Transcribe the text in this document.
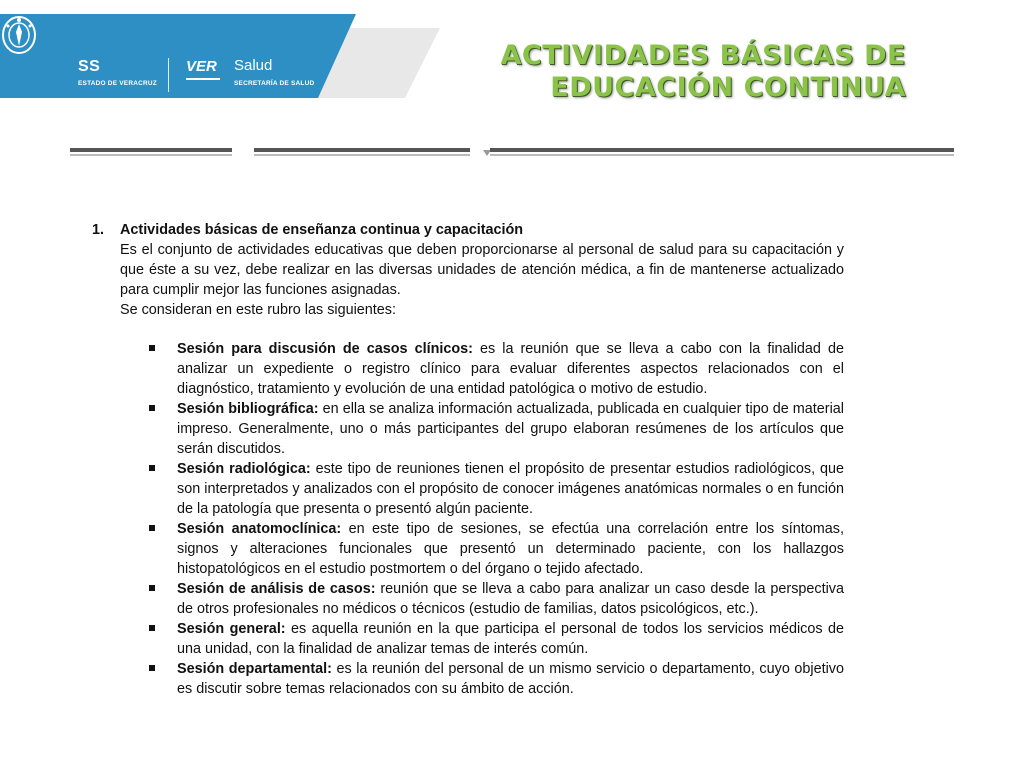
SS
ESTADO DE VERACRUZ
VER Salud
SECRETARÍA DE SALUD
ACTIVIDADES BÁSICAS DE
EDUCACIÓN CONTINUA
1.	Actividades básicas de enseñanza continua y capacitación

Es el conjunto de actividades educativas que deben proporcionarse al personal de salud para su capacitación y que éste a su vez, debe realizar en las diversas unidades de atención médica, a fin de mantenerse actualizado para cumplir mejor las funciones asignadas.

Se consideran en este rubro las siguientes:

Sesión para discusión de casos clínicos: es la reunión que se lleva a cabo con la finalidad de analizar un expediente o registro clínico para evaluar diferentes aspectos relacionados con el diagnóstico, tratamiento y evolución de una entidad patológica o motivo de estudio.
Sesión bibliográfica: en ella se analiza información actualizada, publicada en cualquier tipo de material impreso. Generalmente, uno o más participantes del grupo elaboran resúmenes de los artículos que serán discutidos.
Sesión radiológica: este tipo de reuniones tienen el propósito de presentar estudios radiológicos, que son interpretados y analizados con el propósito de conocer imágenes anatómicas normales o en función de la patología que presenta o presentó algún paciente.
Sesión anatomoclínica: en este tipo de sesiones, se efectúa una correlación entre los síntomas, signos y alteraciones funcionales que presentó un determinado paciente, con los hallazgos histopatológicos en el estudio postmortem o del órgano o tejido afectado.
Sesión de análisis de casos: reunión que se lleva a cabo para analizar un caso desde la perspectiva de otros profesionales no médicos o técnicos (estudio de familias, datos psicológicos, etc.).
Sesión general: es aquella reunión en la que participa el personal de todos los servicios médicos de una unidad, con la finalidad de analizar temas de interés común.
Sesión departamental: es la reunión del personal de un mismo servicio o departamento, cuyo objetivo es discutir sobre temas relacionados con su ámbito de acción.
